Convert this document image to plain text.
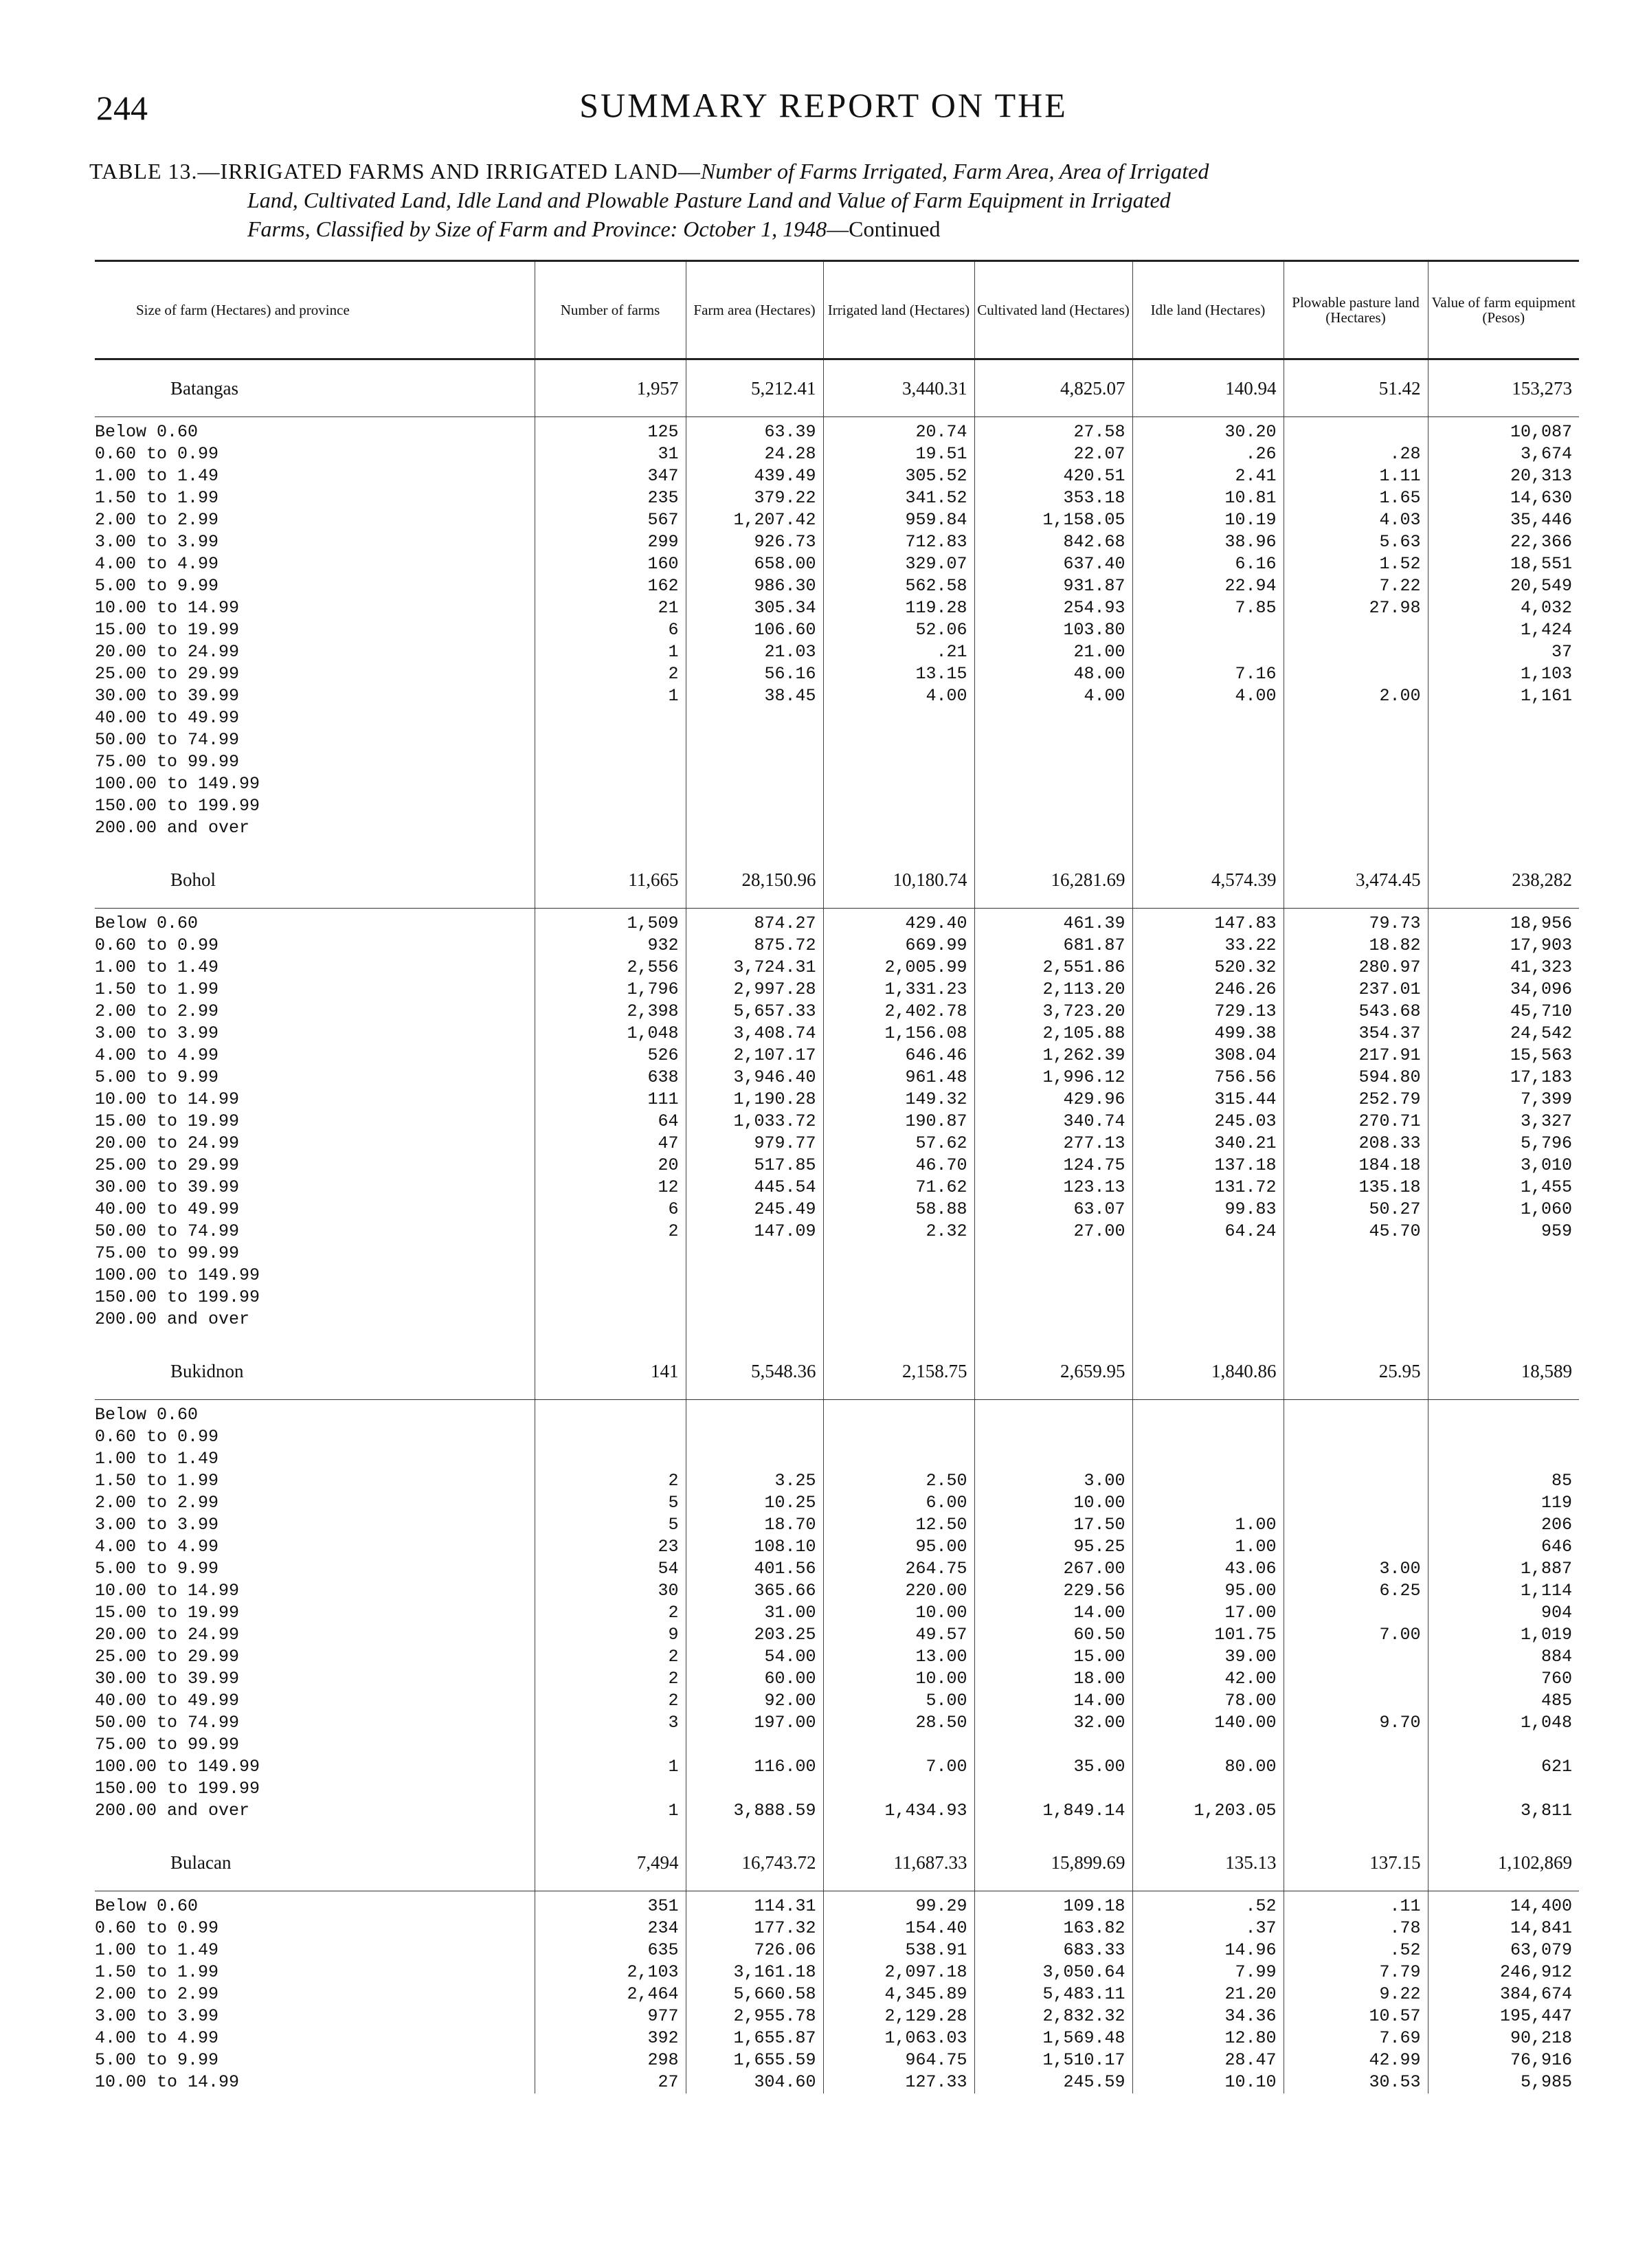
244	SUMMARY REPORT ON THE
TABLE 13.—IRRIGATED FARMS AND IRRIGATED LAND—Number of Farms Irrigated, Farm Area, Area of Irrigated
Land, Cultivated Land, Idle Land and Plowable Pasture Land and Value of Farm Equipment in Irrigated
Farms, Classified by Size of Farm and Province: October 1, 1948—Continued
Size of farm (Hectares) and province	Number of farms	Farm area (Hectares)	Irrigated land (Hectares)	Cultivated land (Hectares)	Idle land (Hectares)	Plowable pasture land (Hectares)	Value of farm equipment (Pesos)
Batangas	1,957	5,212.41	3,440.31	4,825.07	140.94	51.42	153,273
Below 0.60	125	63.39	20.74	27.58	30.20		10,087
0.60 to 0.99	31	24.28	19.51	22.07	.26	.28	3,674
1.00 to 1.49	347	439.49	305.52	420.51	2.41	1.11	20,313
1.50 to 1.99	235	379.22	341.52	353.18	10.81	1.65	14,630
2.00 to 2.99	567	1,207.42	959.84	1,158.05	10.19	4.03	35,446
3.00 to 3.99	299	926.73	712.83	842.68	38.96	5.63	22,366
4.00 to 4.99	160	658.00	329.07	637.40	6.16	1.52	18,551
5.00 to 9.99	162	986.30	562.58	931.87	22.94	7.22	20,549
10.00 to 14.99	21	305.34	119.28	254.93	7.85	27.98	4,032
15.00 to 19.99	6	106.60	52.06	103.80			1,424
20.00 to 24.99	1	21.03	.21	21.00			37
25.00 to 29.99	2	56.16	13.15	48.00	7.16		1,103
30.00 to 39.99	1	38.45	4.00	4.00	4.00	2.00	1,161
40.00 to 49.99							
50.00 to 74.99							
75.00 to 99.99							
100.00 to 149.99							
150.00 to 199.99							
200.00 and over							

Bohol	11,665	28,150.96	10,180.74	16,281.69	4,574.39	3,474.45	238,282
Below 0.60	1,509	874.27	429.40	461.39	147.83	79.73	18,956
0.60 to 0.99	932	875.72	669.99	681.87	33.22	18.82	17,903
1.00 to 1.49	2,556	3,724.31	2,005.99	2,551.86	520.32	280.97	41,323
1.50 to 1.99	1,796	2,997.28	1,331.23	2,113.20	246.26	237.01	34,096
2.00 to 2.99	2,398	5,657.33	2,402.78	3,723.20	729.13	543.68	45,710
3.00 to 3.99	1,048	3,408.74	1,156.08	2,105.88	499.38	354.37	24,542
4.00 to 4.99	526	2,107.17	646.46	1,262.39	308.04	217.91	15,563
5.00 to 9.99	638	3,946.40	961.48	1,996.12	756.56	594.80	17,183
10.00 to 14.99	111	1,190.28	149.32	429.96	315.44	252.79	7,399
15.00 to 19.99	64	1,033.72	190.87	340.74	245.03	270.71	3,327
20.00 to 24.99	47	979.77	57.62	277.13	340.21	208.33	5,796
25.00 to 29.99	20	517.85	46.70	124.75	137.18	184.18	3,010
30.00 to 39.99	12	445.54	71.62	123.13	131.72	135.18	1,455
40.00 to 49.99	6	245.49	58.88	63.07	99.83	50.27	1,060
50.00 to 74.99	2	147.09	2.32	27.00	64.24	45.70	959
75.00 to 99.99							
100.00 to 149.99							
150.00 to 199.99							
200.00 and over							

Bukidnon	141	5,548.36	2,158.75	2,659.95	1,840.86	25.95	18,589
Below 0.60							
0.60 to 0.99							
1.00 to 1.49							
1.50 to 1.99	2	3.25	2.50	3.00			85
2.00 to 2.99	5	10.25	6.00	10.00			119
3.00 to 3.99	5	18.70	12.50	17.50	1.00		206
4.00 to 4.99	23	108.10	95.00	95.25	1.00		646
5.00 to 9.99	54	401.56	264.75	267.00	43.06	3.00	1,887
10.00 to 14.99	30	365.66	220.00	229.56	95.00	6.25	1,114
15.00 to 19.99	2	31.00	10.00	14.00	17.00		904
20.00 to 24.99	9	203.25	49.57	60.50	101.75	7.00	1,019
25.00 to 29.99	2	54.00	13.00	15.00	39.00		884
30.00 to 39.99	2	60.00	10.00	18.00	42.00		760
40.00 to 49.99	2	92.00	5.00	14.00	78.00		485
50.00 to 74.99	3	197.00	28.50	32.00	140.00	9.70	1,048
75.00 to 99.99							
100.00 to 149.99	1	116.00	7.00	35.00	80.00		621
150.00 to 199.99							
200.00 and over	1	3,888.59	1,434.93	1,849.14	1,203.05		3,811

Bulacan	7,494	16,743.72	11,687.33	15,899.69	135.13	137.15	1,102,869
Below 0.60	351	114.31	99.29	109.18	.52	.11	14,400
0.60 to 0.99	234	177.32	154.40	163.82	.37	.78	14,841
1.00 to 1.49	635	726.06	538.91	683.33	14.96	.52	63,079
1.50 to 1.99	2,103	3,161.18	2,097.18	3,050.64	7.99	7.79	246,912
2.00 to 2.99	2,464	5,660.58	4,345.89	5,483.11	21.20	9.22	384,674
3.00 to 3.99	977	2,955.78	2,129.28	2,832.32	34.36	10.57	195,447
4.00 to 4.99	392	1,655.87	1,063.03	1,569.48	12.80	7.69	90,218
5.00 to 9.99	298	1,655.59	964.75	1,510.17	28.47	42.99	76,916
10.00 to 14.99	27	304.60	127.33	245.59	10.10	30.53	5,985
